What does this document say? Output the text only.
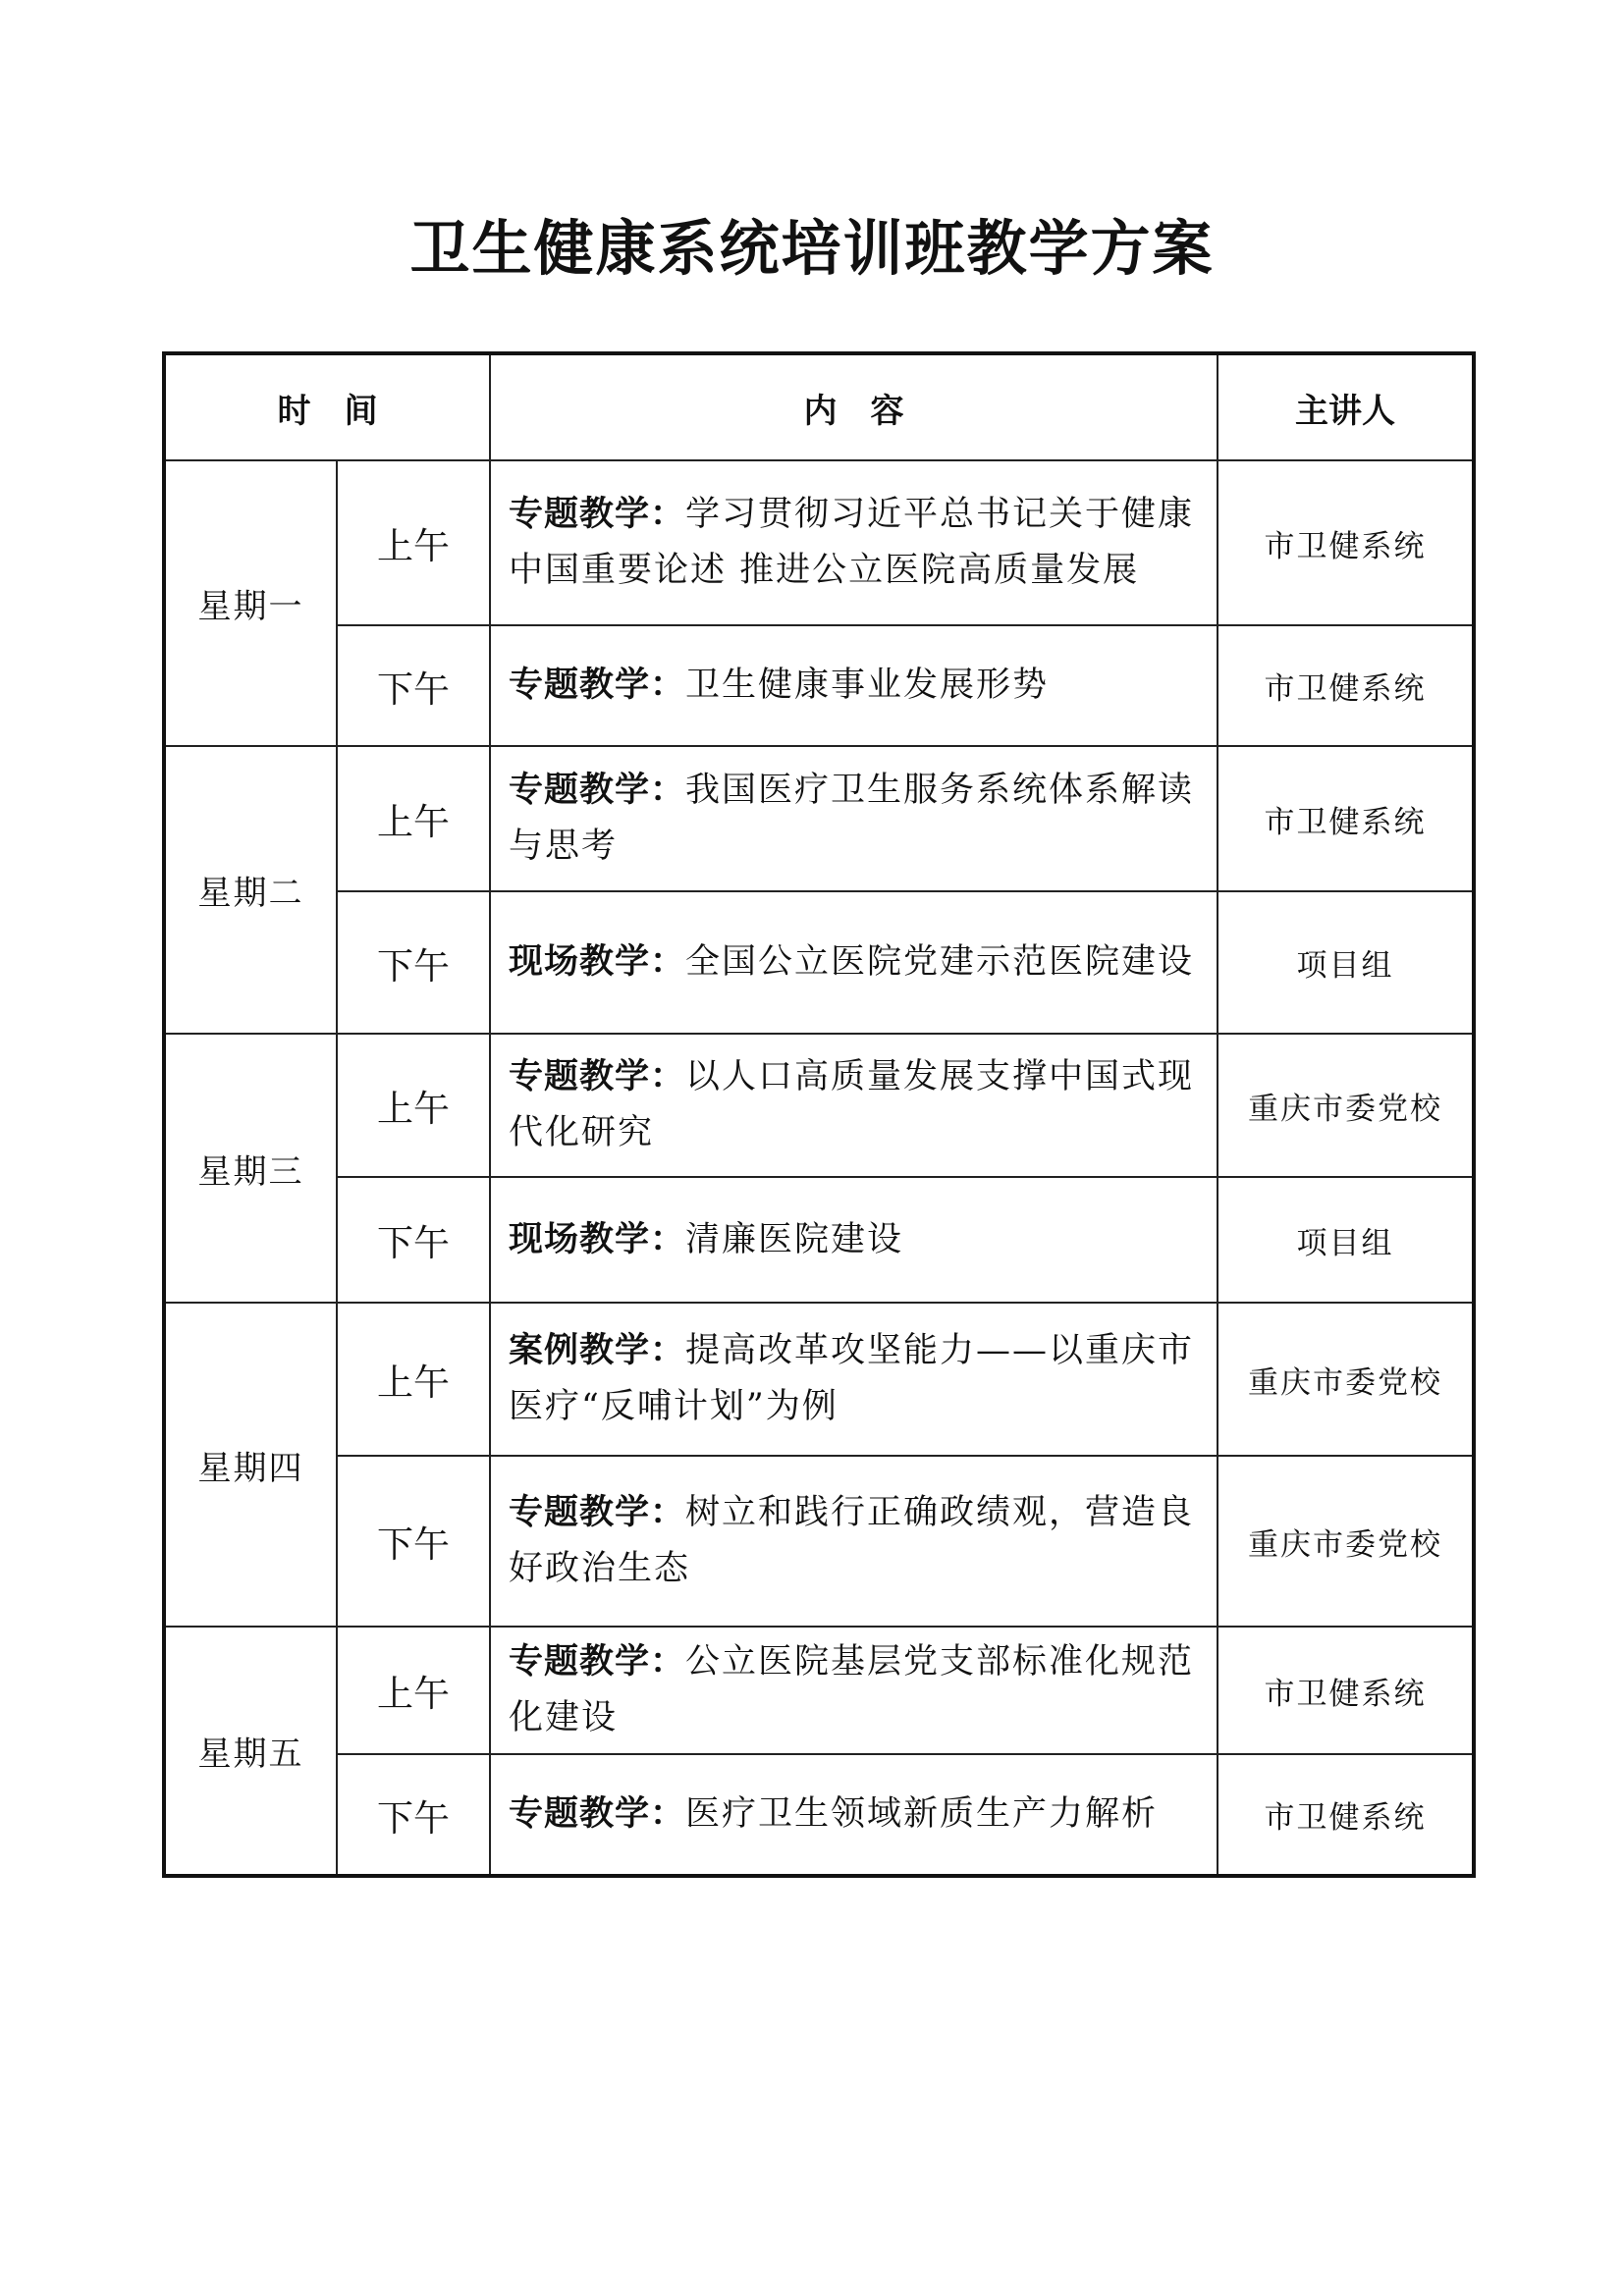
卫生健康系统培训班教学方案
时　间		内　容	主讲人
星期一	上午	专题教学：学习贯彻习近平总书记关于健康中国重要论述 推进公立医院高质量发展	市卫健系统
	下午	专题教学：卫生健康事业发展形势	市卫健系统
星期二	上午	专题教学：我国医疗卫生服务系统体系解读与思考	市卫健系统
	下午	现场教学：全国公立医院党建示范医院建设	项目组
星期三	上午	专题教学：以人口高质量发展支撑中国式现代化研究	重庆市委党校
	下午	现场教学：清廉医院建设	项目组
星期四	上午	案例教学：提高改革攻坚能力——以重庆市医疗“反哺计划”为例	重庆市委党校
	下午	专题教学：树立和践行正确政绩观，营造良好政治生态	重庆市委党校
星期五	上午	专题教学：公立医院基层党支部标准化规范化建设	市卫健系统
	下午	专题教学：医疗卫生领域新质生产力解析	市卫健系统
